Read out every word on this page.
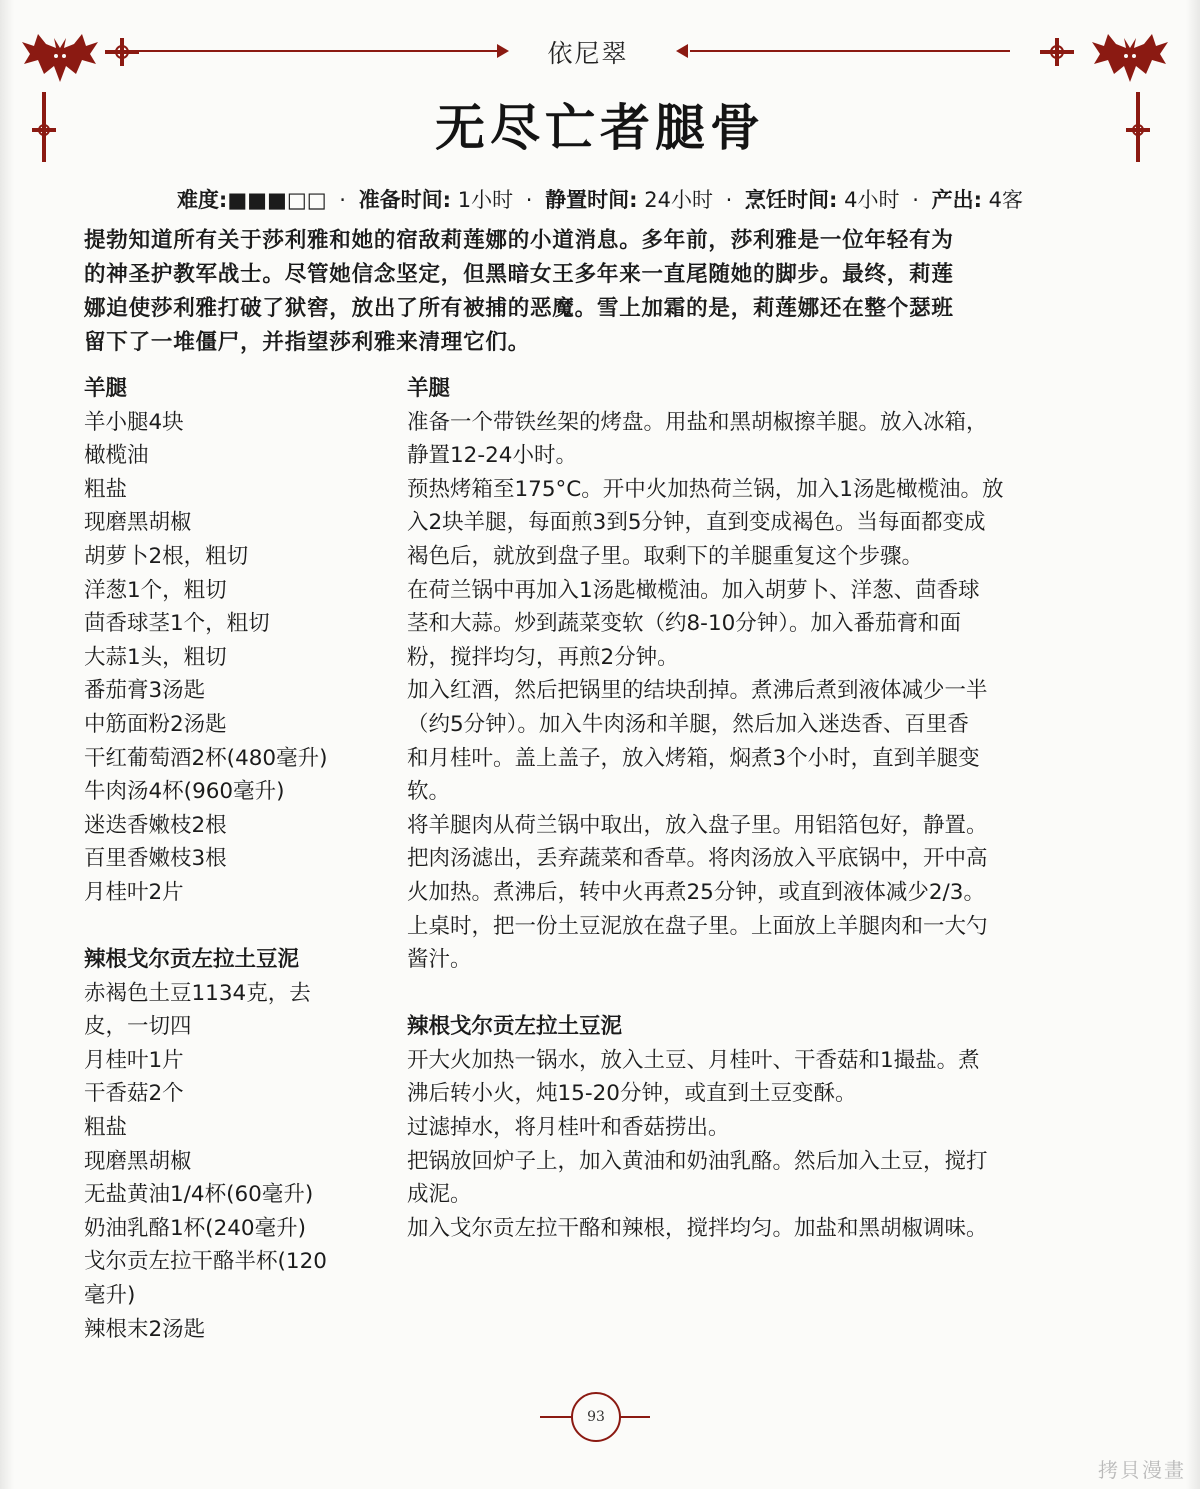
依尼翠
无尽亡者腿骨
难度:■■■□□ · 准备时间: 1小时 · 静置时间: 24小时 · 烹饪时间: 4小时 · 产出: 4客
提勃知道所有关于莎利雅和她的宿敌莉莲娜的小道消息。多年前，莎利雅是一位年轻有为
的神圣护教军战士。尽管她信念坚定，但黑暗女王多年来一直尾随她的脚步。最终，莉莲
娜迫使莎利雅打破了狱窖，放出了所有被捕的恶魔。雪上加霜的是，莉莲娜还在整个瑟班
留下了一堆僵尸，并指望莎利雅来清理它们。
羊腿
羊小腿4块
橄榄油
粗盐
现磨黑胡椒
胡萝卜2根，粗切
洋葱1个，粗切
茴香球茎1个，粗切
大蒜1头，粗切
番茄膏3汤匙
中筋面粉2汤匙
干红葡萄酒2杯(480毫升)
牛肉汤4杯(960毫升)
迷迭香嫩枝2根
百里香嫩枝3根
月桂叶2片
辣根戈尔贡左拉土豆泥
赤褐色土豆1134克，去
皮，一切四
月桂叶1片
干香菇2个
粗盐
现磨黑胡椒
无盐黄油1/4杯(60毫升)
奶油乳酪1杯(240毫升)
戈尔贡左拉干酪半杯(120
毫升)
辣根末2汤匙
羊腿
准备一个带铁丝架的烤盘。用盐和黑胡椒擦羊腿。放入冰箱，
静置12-24小时。
预热烤箱至175°C。开中火加热荷兰锅，加入1汤匙橄榄油。放
入2块羊腿，每面煎3到5分钟，直到变成褐色。当每面都变成
褐色后，就放到盘子里。取剩下的羊腿重复这个步骤。
在荷兰锅中再加入1汤匙橄榄油。加入胡萝卜、洋葱、茴香球
茎和大蒜。炒到蔬菜变软（约8-10分钟）。加入番茄膏和面
粉，搅拌均匀，再煎2分钟。
加入红酒，然后把锅里的结块刮掉。煮沸后煮到液体减少一半
（约5分钟）。加入牛肉汤和羊腿，然后加入迷迭香、百里香
和月桂叶。盖上盖子，放入烤箱，焖煮3个小时，直到羊腿变
软。
将羊腿肉从荷兰锅中取出，放入盘子里。用铝箔包好，静置。
把肉汤滤出，丢弃蔬菜和香草。将肉汤放入平底锅中，开中高
火加热。煮沸后，转中火再煮25分钟，或直到液体减少2/3。
上桌时，把一份土豆泥放在盘子里。上面放上羊腿肉和一大勺
酱汁。
辣根戈尔贡左拉土豆泥
开大火加热一锅水，放入土豆、月桂叶、干香菇和1撮盐。煮
沸后转小火，炖15-20分钟，或直到土豆变酥。
过滤掉水，将月桂叶和香菇捞出。
把锅放回炉子上，加入黄油和奶油乳酪。然后加入土豆，搅打
成泥。
加入戈尔贡左拉干酪和辣根，搅拌均匀。加盐和黑胡椒调味。
93
拷貝漫畫
